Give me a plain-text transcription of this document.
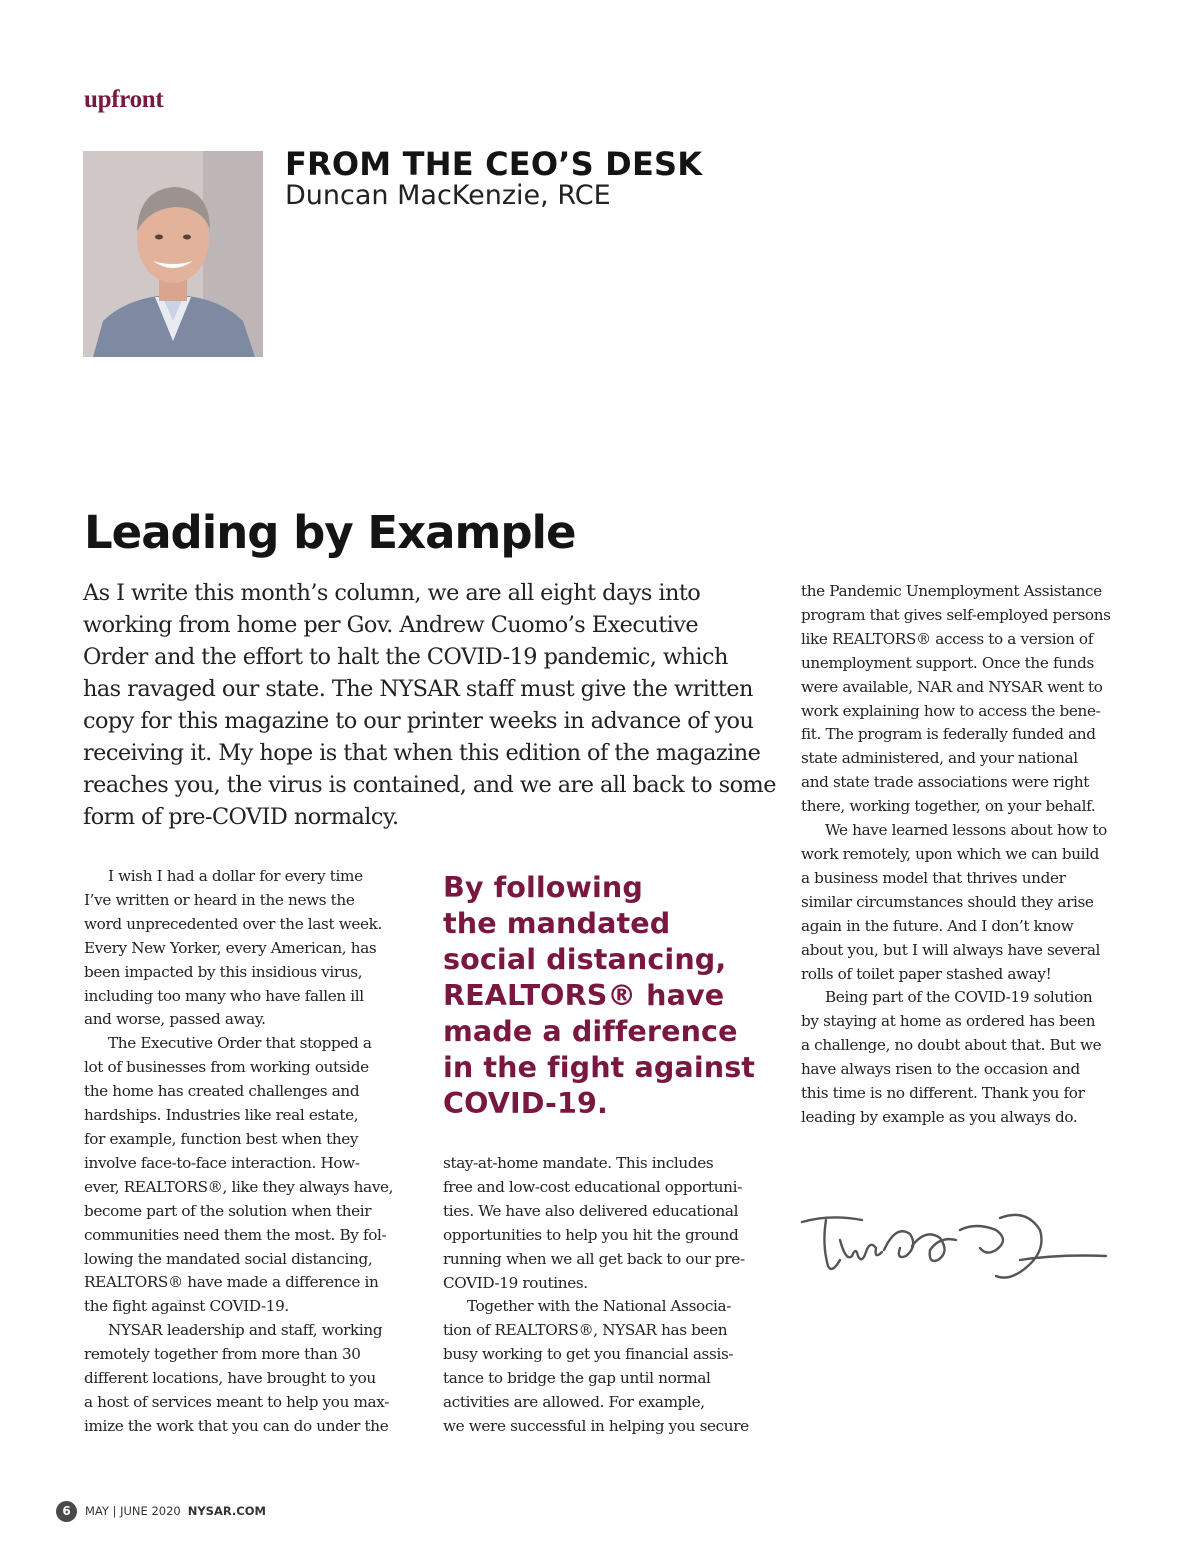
upfront
FROM THE CEO’S DESK
Duncan MacKenzie, RCE
Leading by Example
As I write this month’s column, we are all eight days into
working from home per Gov. Andrew Cuomo’s Executive
Order and the effort to halt the COVID-19 pandemic, which
has ravaged our state. The NYSAR staff must give the written
copy for this magazine to our printer weeks in advance of you
receiving it. My hope is that when this edition of the magazine
reaches you, the virus is contained, and we are all back to some
form of pre-COVID normalcy.
I wish I had a dollar for every time
I’ve written or heard in the news the
word unprecedented over the last week.
Every New Yorker, every American, has
been impacted by this insidious virus,
including too many who have fallen ill
and worse, passed away.
The Executive Order that stopped a
lot of businesses from working outside
the home has created challenges and
hardships. Industries like real estate,
for example, function best when they
involve face-to-face interaction. How-
ever, REALTORS®, like they always have,
become part of the solution when their
communities need them the most. By fol-
lowing the mandated social distancing,
REALTORS® have made a difference in
the fight against COVID-19.
NYSAR leadership and staff, working
remotely together from more than 30
different locations, have brought to you
a host of services meant to help you max-
imize the work that you can do under the
By following
the mandated
social distancing,
REALTORS® have
made a difference
in the fight against
COVID-19.
stay-at-home mandate. This includes
free and low-cost educational opportuni-
ties. We have also delivered educational
opportunities to help you hit the ground
running when we all get back to our pre-
COVID-19 routines.
Together with the National Associa-
tion of REALTORS®, NYSAR has been
busy working to get you financial assis-
tance to bridge the gap until normal
activities are allowed. For example,
we were successful in helping you secure
the Pandemic Unemployment Assistance
program that gives self-employed persons
like REALTORS® access to a version of
unemployment support. Once the funds
were available, NAR and NYSAR went to
work explaining how to access the bene-
fit. The program is federally funded and
state administered, and your national
and state trade associations were right
there, working together, on your behalf.
We have learned lessons about how to
work remotely, upon which we can build
a business model that thrives under
similar circumstances should they arise
again in the future. And I don’t know
about you, but I will always have several
rolls of toilet paper stashed away!
Being part of the COVID-19 solution
by staying at home as ordered has been
a challenge, no doubt about that. But we
have always risen to the occasion and
this time is no different. Thank you for
leading by example as you always do.
6	MAY | JUNE 2020 NYSAR.COM
